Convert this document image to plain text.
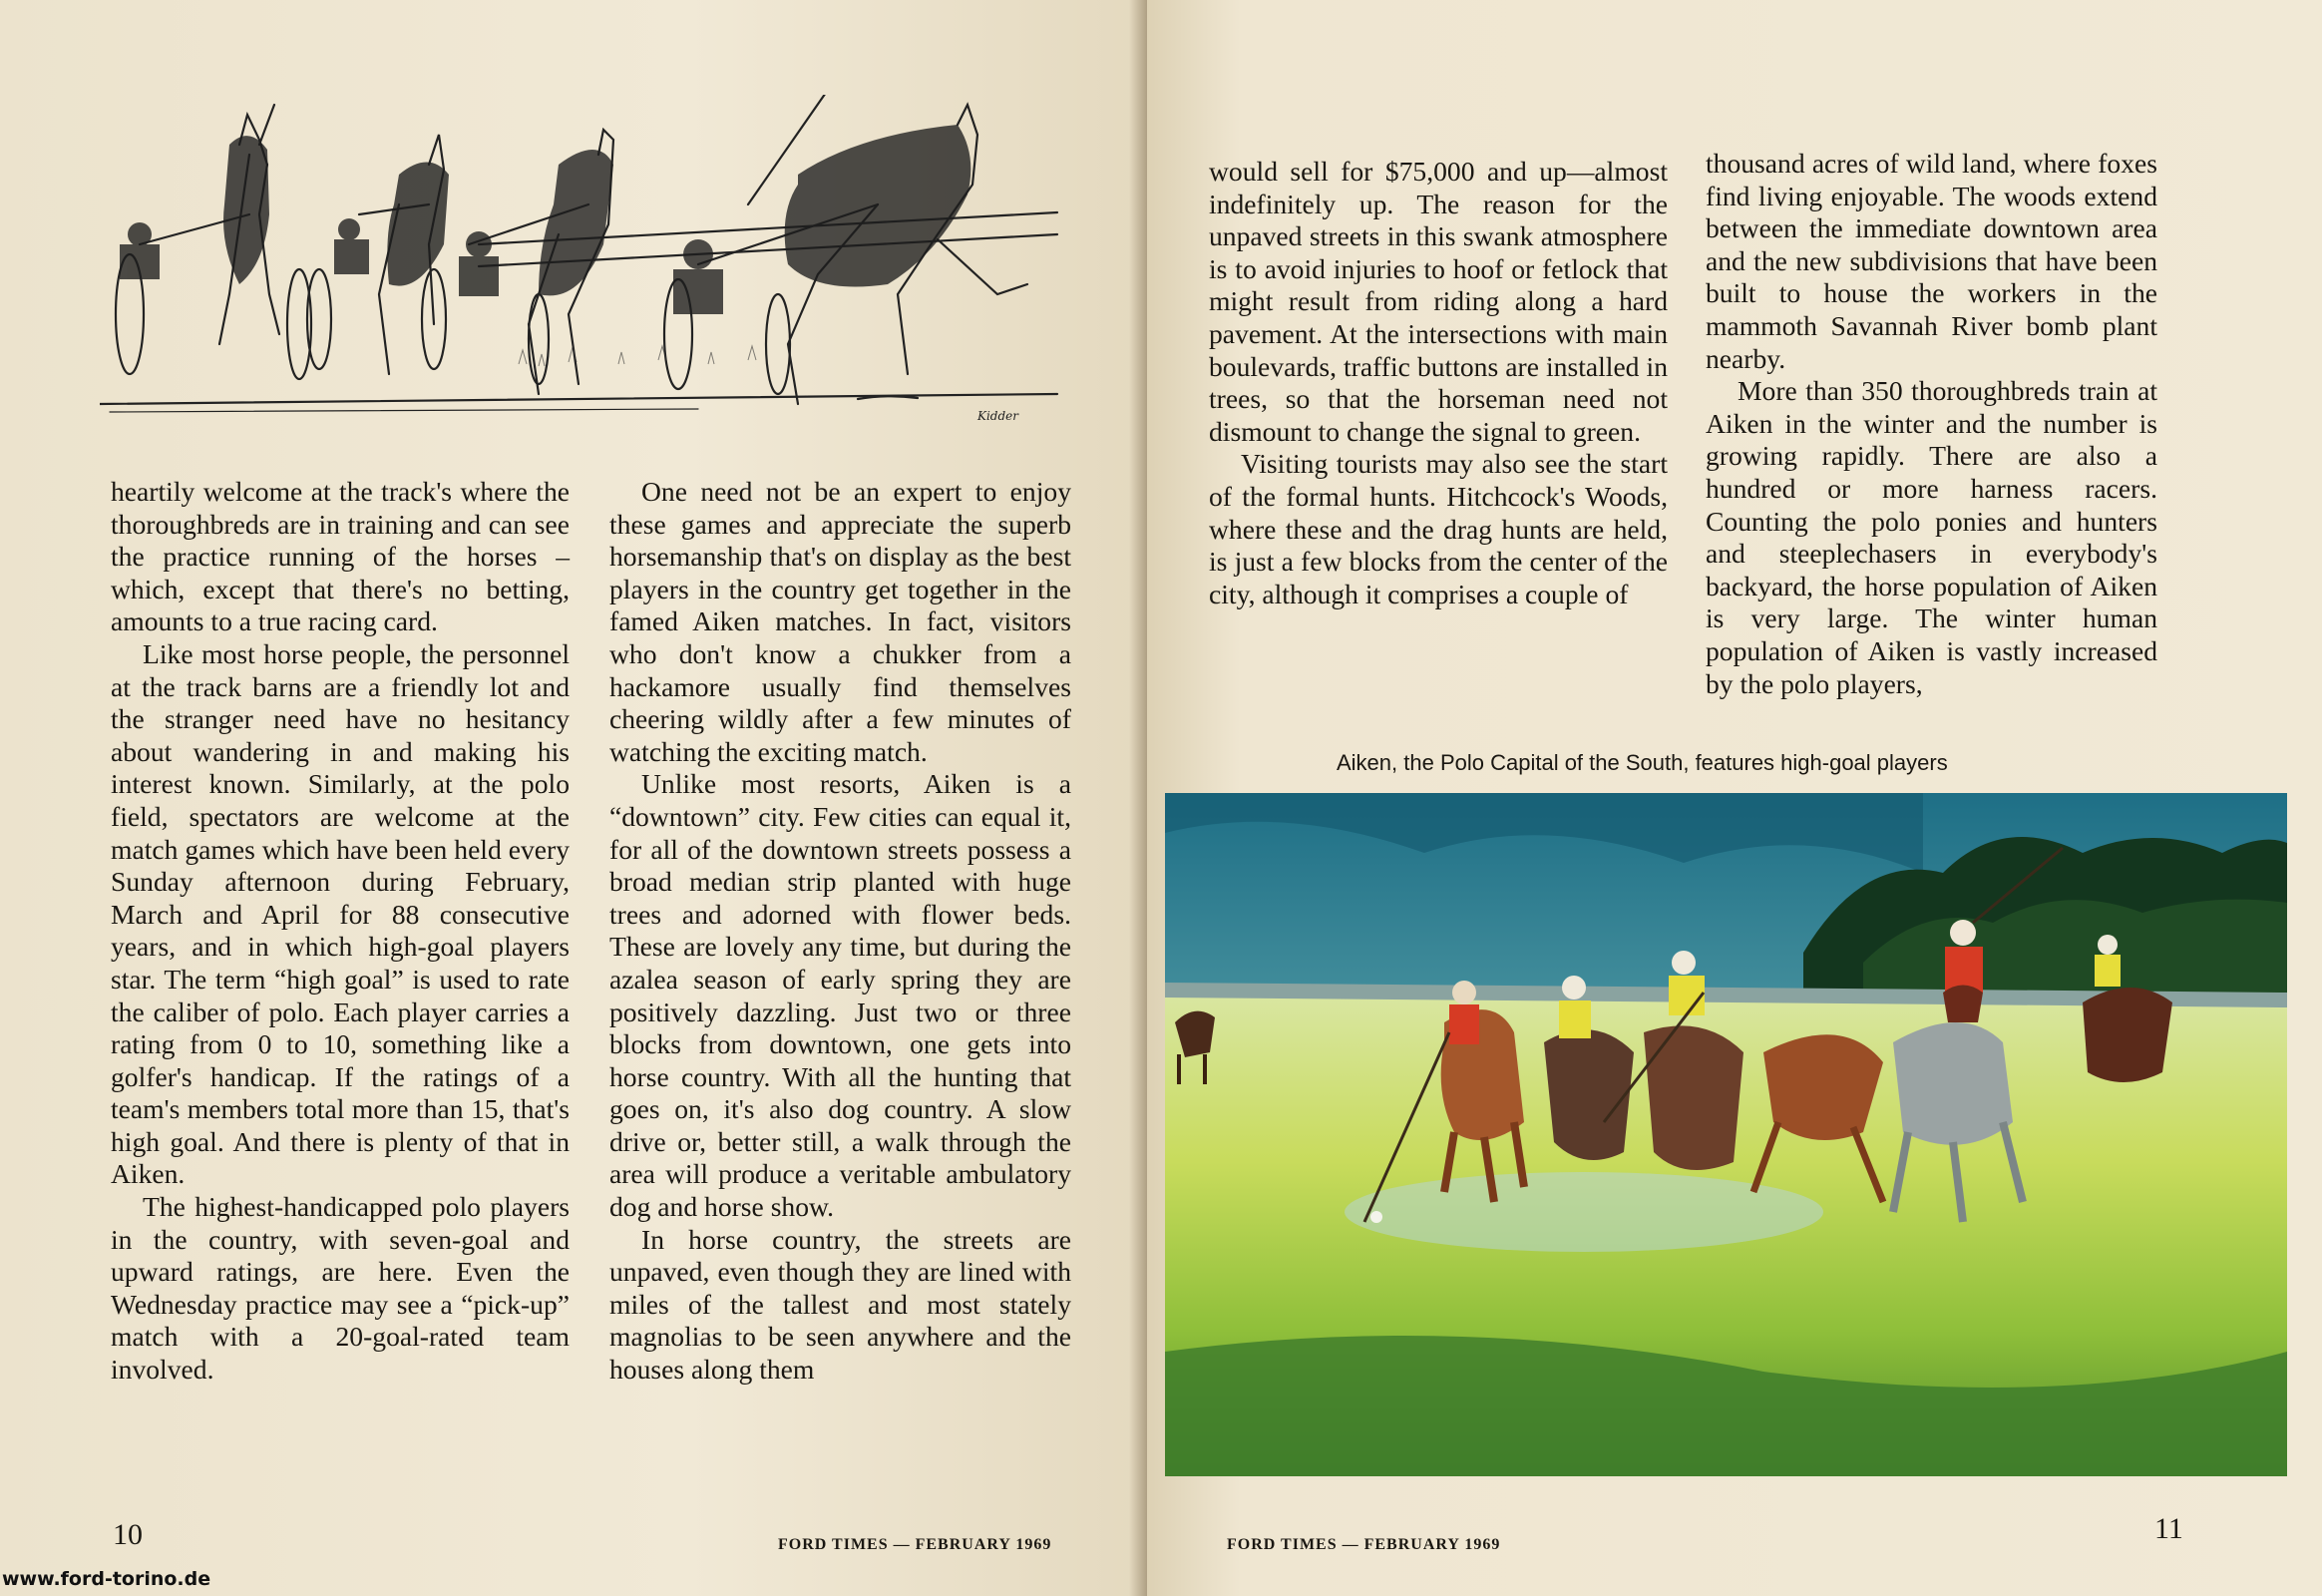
Kidder

heartily welcome at the track's where the thoroughbreds are in training and can see the practice running of the horses – which, except that there's no betting, amounts to a true racing card.

Like most horse people, the personnel at the track barns are a friendly lot and the stranger need have no hesitancy about wandering in and making his interest known. Similarly, at the polo field, spectators are welcome at the match games which have been held every Sunday afternoon during February, March and April for 88 consecutive years, and in which high-goal players star. The term “high goal” is used to rate the caliber of polo. Each player carries a rating from 0 to 10, something like a golfer's handicap. If the ratings of a team's members total more than 15, that's high goal. And there is plenty of that in Aiken.

The highest-handicapped polo players in the country, with seven-goal and upward ratings, are here. Even the Wednesday practice may see a “pick-up” match with a 20-goal-rated team involved.

One need not be an expert to enjoy these games and appreciate the superb horsemanship that's on display as the best players in the country get together in the famed Aiken matches. In fact, visitors who don't know a chukker from a hackamore usually find themselves cheering wildly after a few minutes of watching the exciting match.

Unlike most resorts, Aiken is a “downtown” city. Few cities can equal it, for all of the downtown streets possess a broad median strip planted with huge trees and adorned with flower beds. These are lovely any time, but during the azalea season of early spring they are positively dazzling. Just two or three blocks from downtown, one gets into horse country. With all the hunting that goes on, it's also dog country. A slow drive or, better still, a walk through the area will produce a veritable ambulatory dog and horse show.

In horse country, the streets are unpaved, even though they are lined with miles of the tallest and most stately magnolias to be seen anywhere and the houses along them

10	FORD TIMES — FEBRUARY 1969
www.ford-torino.de

would sell for $75,000 and up—almost indefinitely up. The reason for the unpaved streets in this swank atmosphere is to avoid injuries to hoof or fetlock that might result from riding along a hard pavement. At the intersections with main boulevards, traffic buttons are installed in trees, so that the horseman need not dismount to change the signal to green.

Visiting tourists may also see the start of the formal hunts. Hitchcock's Woods, where these and the drag hunts are held, is just a few blocks from the center of the city, although it comprises a couple of

thousand acres of wild land, where foxes find living enjoyable. The woods extend between the immediate downtown area and the new subdivisions that have been built to house the workers in the mammoth Savannah River bomb plant nearby.

More than 350 thoroughbreds train at Aiken in the winter and the number is growing rapidly. There are also a hundred or more harness racers. Counting the polo ponies and hunters and steeplechasers in everybody's backyard, the horse population of Aiken is very large. The winter human population of Aiken is vastly increased by the polo players,

Aiken, the Polo Capital of the South, features high-goal players
FORD TIMES — FEBRUARY 1969	11
